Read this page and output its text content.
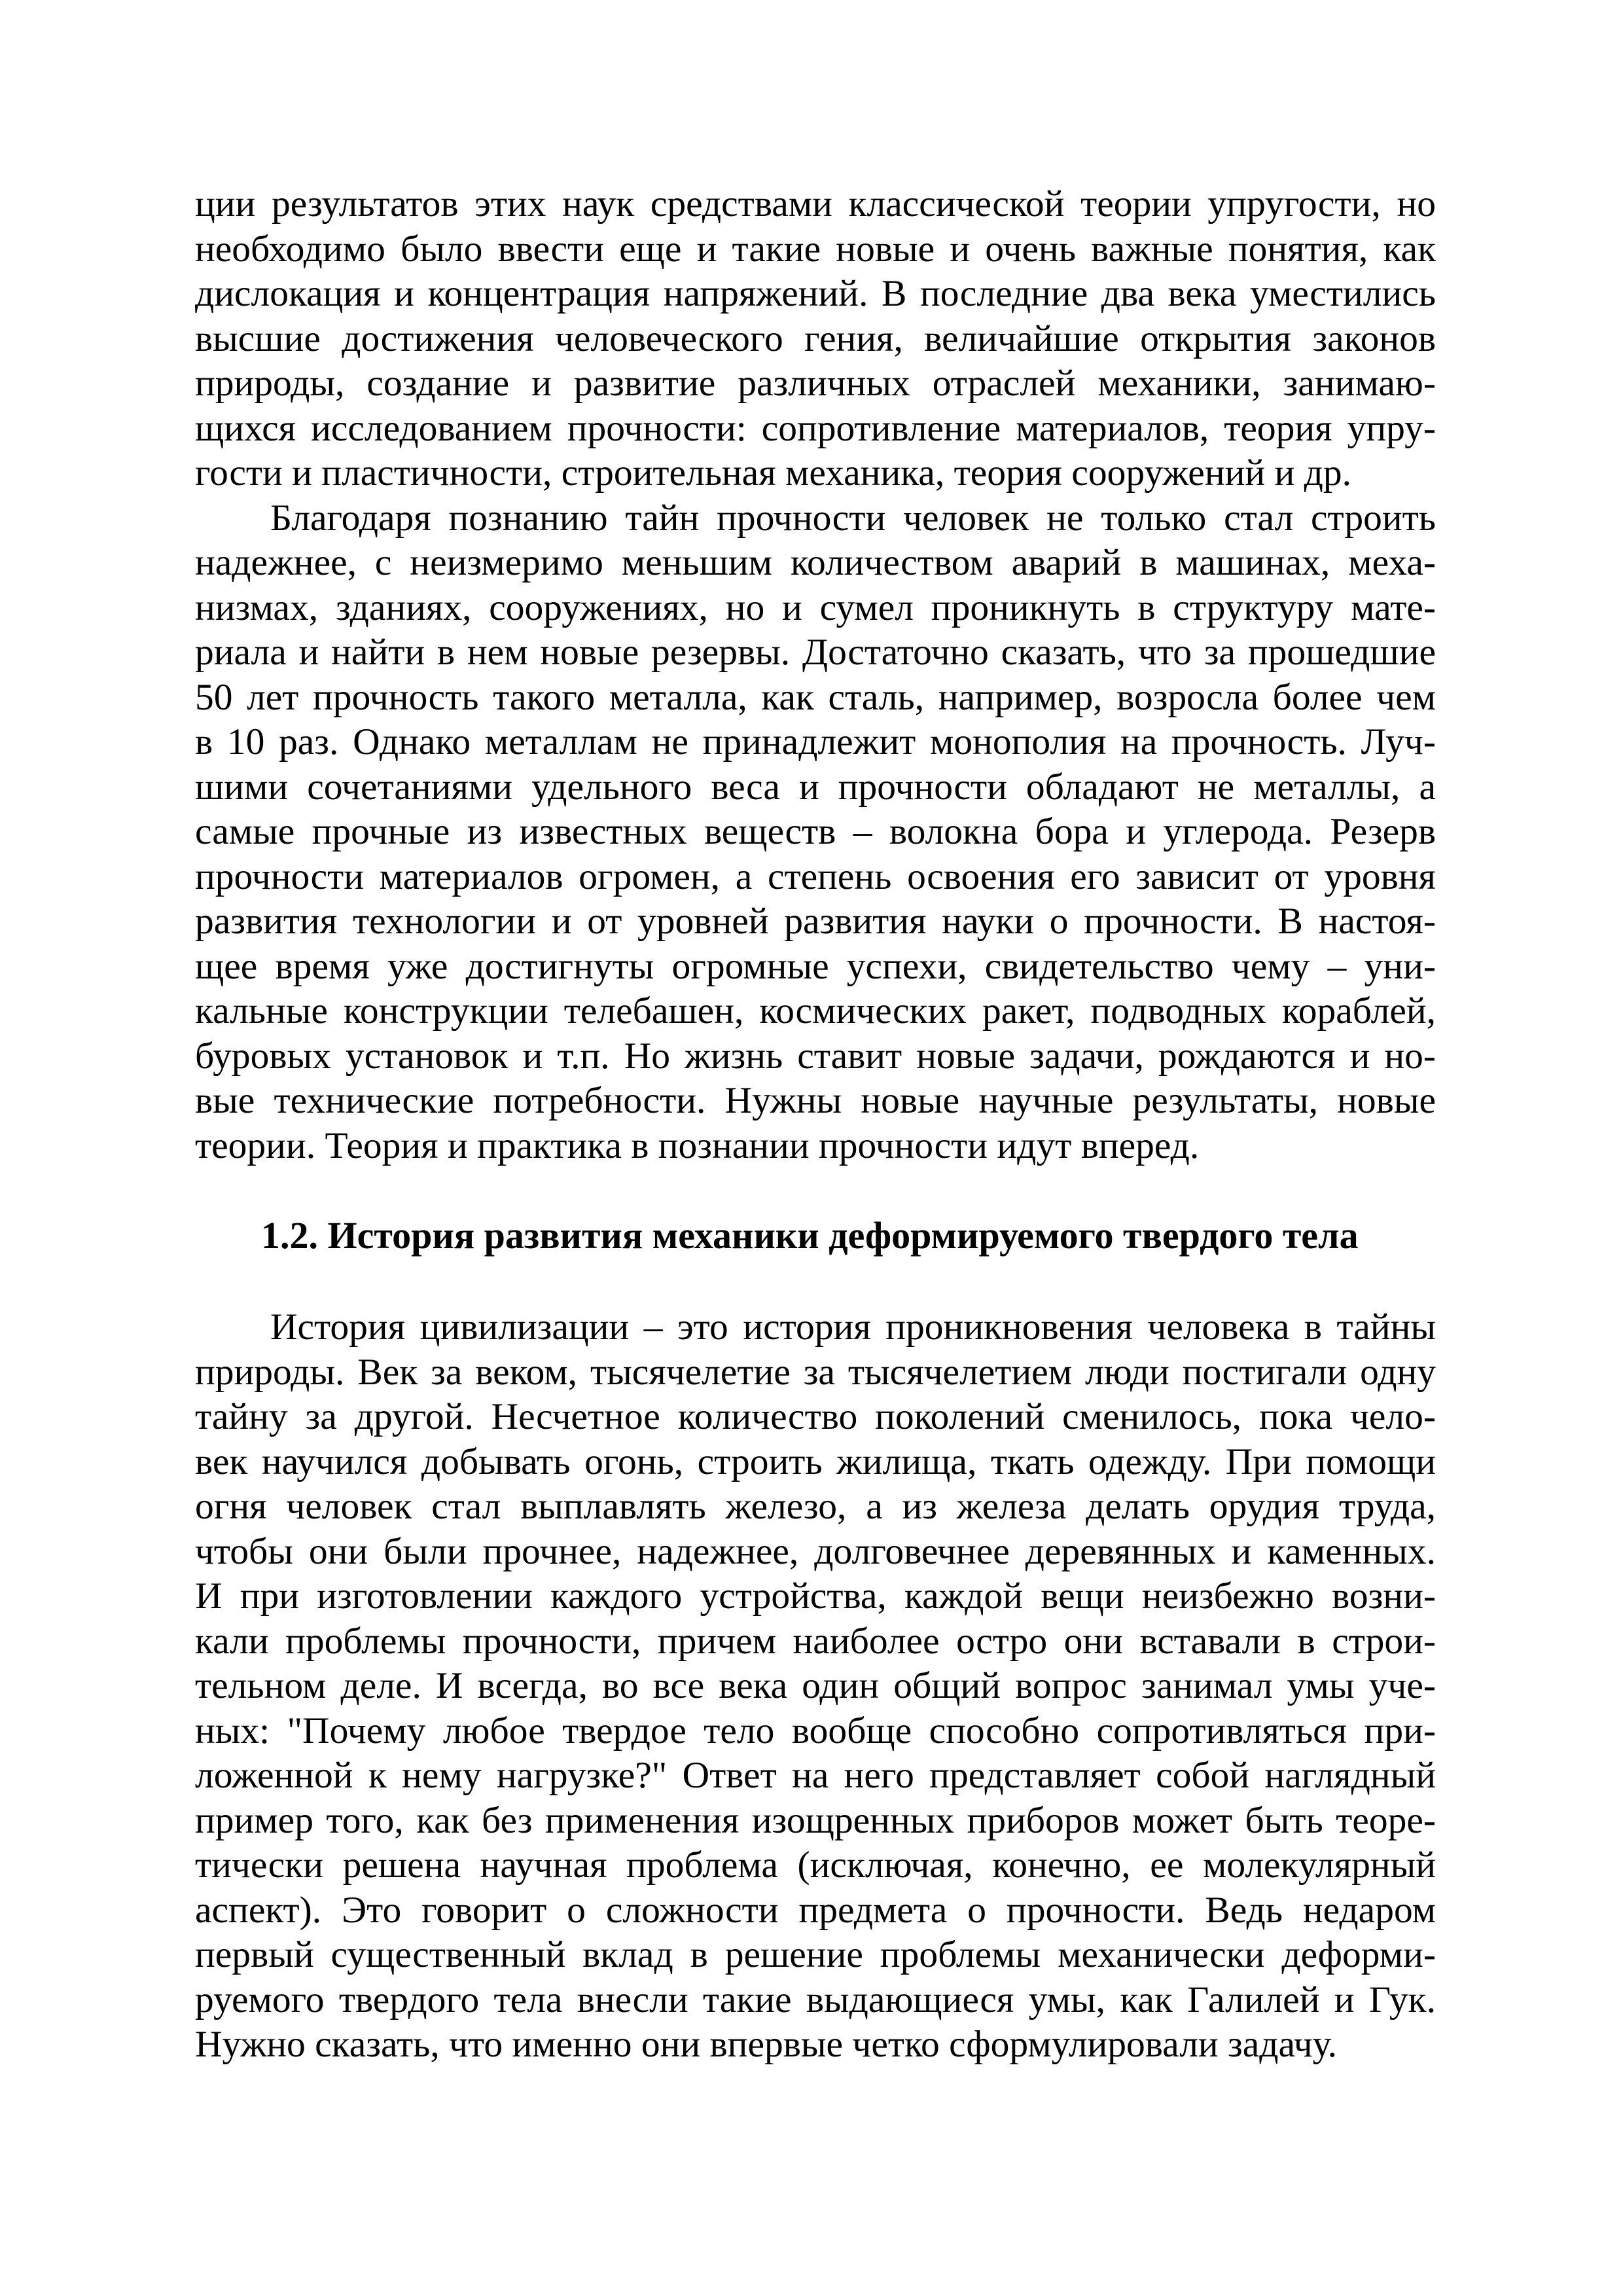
ции результатов этих наук средствами классической теории упругости, но
необходимо было ввести еще и такие новые и очень важные понятия, как
дислокация и концентрация напряжений. В последние два века уместились
высшие достижения человеческого гения, величайшие открытия законов
природы, создание и развитие различных отраслей механики, занимаю-
щихся исследованием прочности: сопротивление материалов, теория упру-
гости и пластичности, строительная механика, теория сооружений и др.
Благодаря познанию тайн прочности человек не только стал строить
надежнее, с неизмеримо меньшим количеством аварий в машинах, меха-
низмах, зданиях, сооружениях, но и сумел проникнуть в структуру мате-
риала и найти в нем новые резервы. Достаточно сказать, что за прошедшие
50 лет прочность такого металла, как сталь, например, возросла более чем
в 10 раз. Однако металлам не принадлежит монополия на прочность. Луч-
шими сочетаниями удельного веса и прочности обладают не металлы, а
самые прочные из известных веществ – волокна бора и углерода. Резерв
прочности материалов огромен, а степень освоения его зависит от уровня
развития технологии и от уровней развития науки о прочности. В настоя-
щее время уже достигнуты огромные успехи, свидетельство чему – уни-
кальные конструкции телебашен, космических ракет, подводных кораблей,
буровых установок и т.п. Но жизнь ставит новые задачи, рождаются и но-
вые технические потребности. Нужны новые научные результаты, новые
теории. Теория и практика в познании прочности идут вперед.
1.2. История развития механики деформируемого твердого тела
История цивилизации – это история проникновения человека в тайны
природы. Век за веком, тысячелетие за тысячелетием люди постигали одну
тайну за другой. Несчетное количество поколений сменилось, пока чело-
век научился добывать огонь, строить жилища, ткать одежду. При помощи
огня человек стал выплавлять железо, а из железа делать орудия труда,
чтобы они были прочнее, надежнее, долговечнее деревянных и каменных.
И при изготовлении каждого устройства, каждой вещи неизбежно возни-
кали проблемы прочности, причем наиболее остро они вставали в строи-
тельном деле. И всегда, во все века один общий вопрос занимал умы уче-
ных: "Почему любое твердое тело вообще способно сопротивляться при-
ложенной к нему нагрузке?" Ответ на него представляет собой наглядный
пример того, как без применения изощренных приборов может быть теоре-
тически решена научная проблема (исключая, конечно, ее молекулярный
аспект). Это говорит о сложности предмета о прочности. Ведь недаром
первый существенный вклад в решение проблемы механически деформи-
руемого твердого тела внесли такие выдающиеся умы, как Галилей и Гук.
Нужно сказать, что именно они впервые четко сформулировали задачу.
